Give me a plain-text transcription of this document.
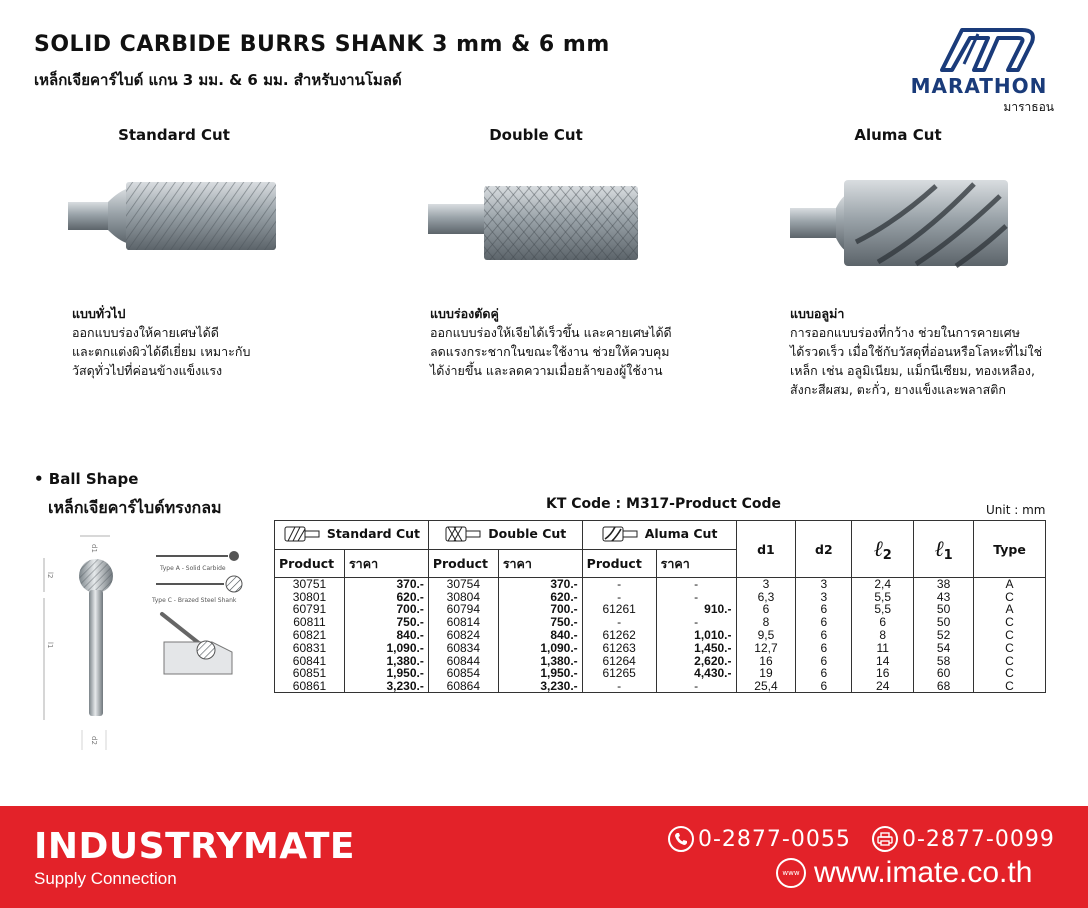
SOLID CARBIDE BURRS SHANK 3 mm & 6 mm
เหล็กเจียคาร์ไบด์ แกน 3 มม. & 6 มม. สำหรับงานโมลด์	MARATHON
มาราธอน
Standard Cut
แบบทั่วไป
ออกแบบร่องให้คายเศษได้ดี
และตกแต่งผิวได้ดีเยี่ยม เหมาะกับ
วัสดุทั่วไปที่ค่อนข้างแข็งแรง
Double Cut
แบบร่องตัดคู่
ออกแบบร่องให้เจียได้เร็วขึ้น และคายเศษได้ดี
ลดแรงกระชากในขณะใช้งาน ช่วยให้ควบคุม
ได้ง่ายขึ้น และลดความเมื่อยล้าของผู้ใช้งาน
Aluma Cut
แบบอลูม่า
การออกแบบร่องที่กว้าง ช่วยในการคายเศษ
ได้รวดเร็ว เมื่อใช้กับวัสดุที่อ่อนหรือโลหะที่ไม่ใช่
เหล็ก เช่น อลูมิเนียม, แม็กนีเซียม, ทองเหลือง,
สังกะสีผสม, ตะกั่ว, ยางแข็งและพลาสติก
• Ball Shape
เหล็กเจียคาร์ไบด์ทรงกลม	KT Code : M317-Product Code	Unit : mm
d1
l2
l1
d2
Type A - Solid Carbide
Type C - Brazed Steel Shank
Standard Cut		Double Cut		Aluma Cut		d1	d2	ℓ$_2$	ℓ$_1$	Type
Product	ราคา	Product	ราคา	Product	ราคา					
30751	370.-	30754	370.-	-	-	3	3	2,4	38	A
30801	620.-	30804	620.-	-	-	6,3	3	5,5	43	C
60791	700.-	60794	700.-	61261	910.-	6	6	5,5	50	A
60811	750.-	60814	750.-	-	-	8	6	6	50	C
60821	840.-	60824	840.-	61262	1,010.-	9,5	6	8	52	C
60831	1,090.-	60834	1,090.-	61263	1,450.-	12,7	6	11	54	C
60841	1,380.-	60844	1,380.-	61264	2,620.-	16	6	14	58	C
60851	1,950.-	60854	1,950.-	61265	4,430.-	19	6	16	60	C
60861	3,230.-	60864	3,230.-	-	-	25,4	6	24	68	C
INDUSTRYMATE
Supply Connection
0-2877-0055 0-2877-0099
www www.imate.co.th
